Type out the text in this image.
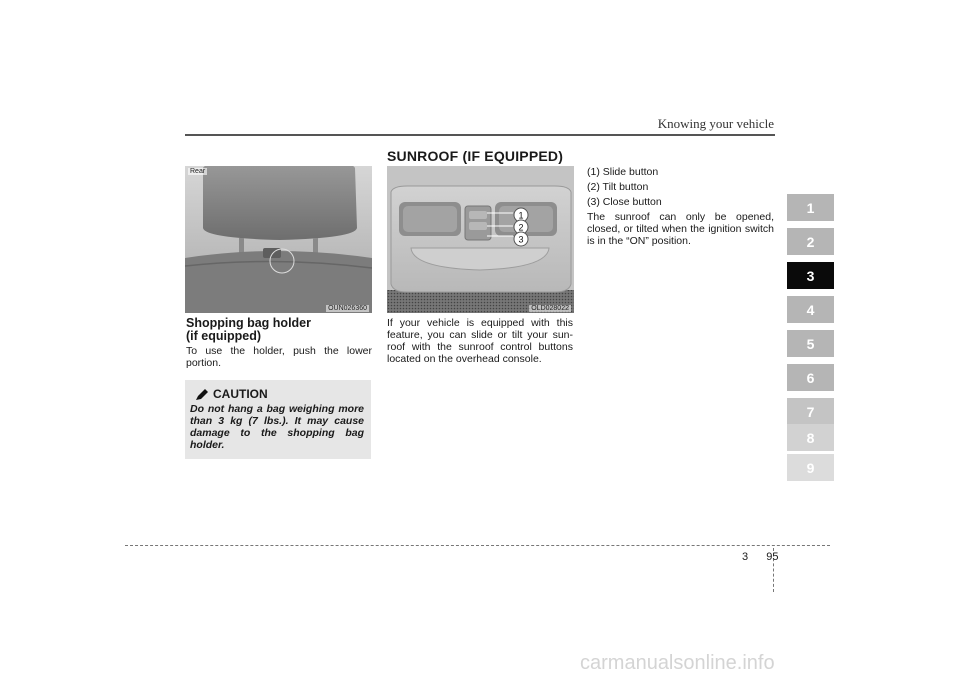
Knowing your vehicle
SUNROOF (IF EQUIPPED)
Rear
OUN026360
1
2
3
OLD028022
Shopping bag holder
(if equipped)
To use the holder, push the lower portion.
CAUTION
Do not hang a bag weighing more than 3 kg (7 lbs.). It may cause damage to the shopping bag holder.
If your vehicle is equipped with this feature, you can slide or tilt your sun-roof with the sunroof control buttons located on the overhead console.
(1) Slide button
(2) Tilt button
(3) Close button
The sunroof can only be opened, closed, or tilted when the ignition switch is in the “ON” position.
1
2
3
4
5
6
7
8
9
3 95
carmanualsonline.info
